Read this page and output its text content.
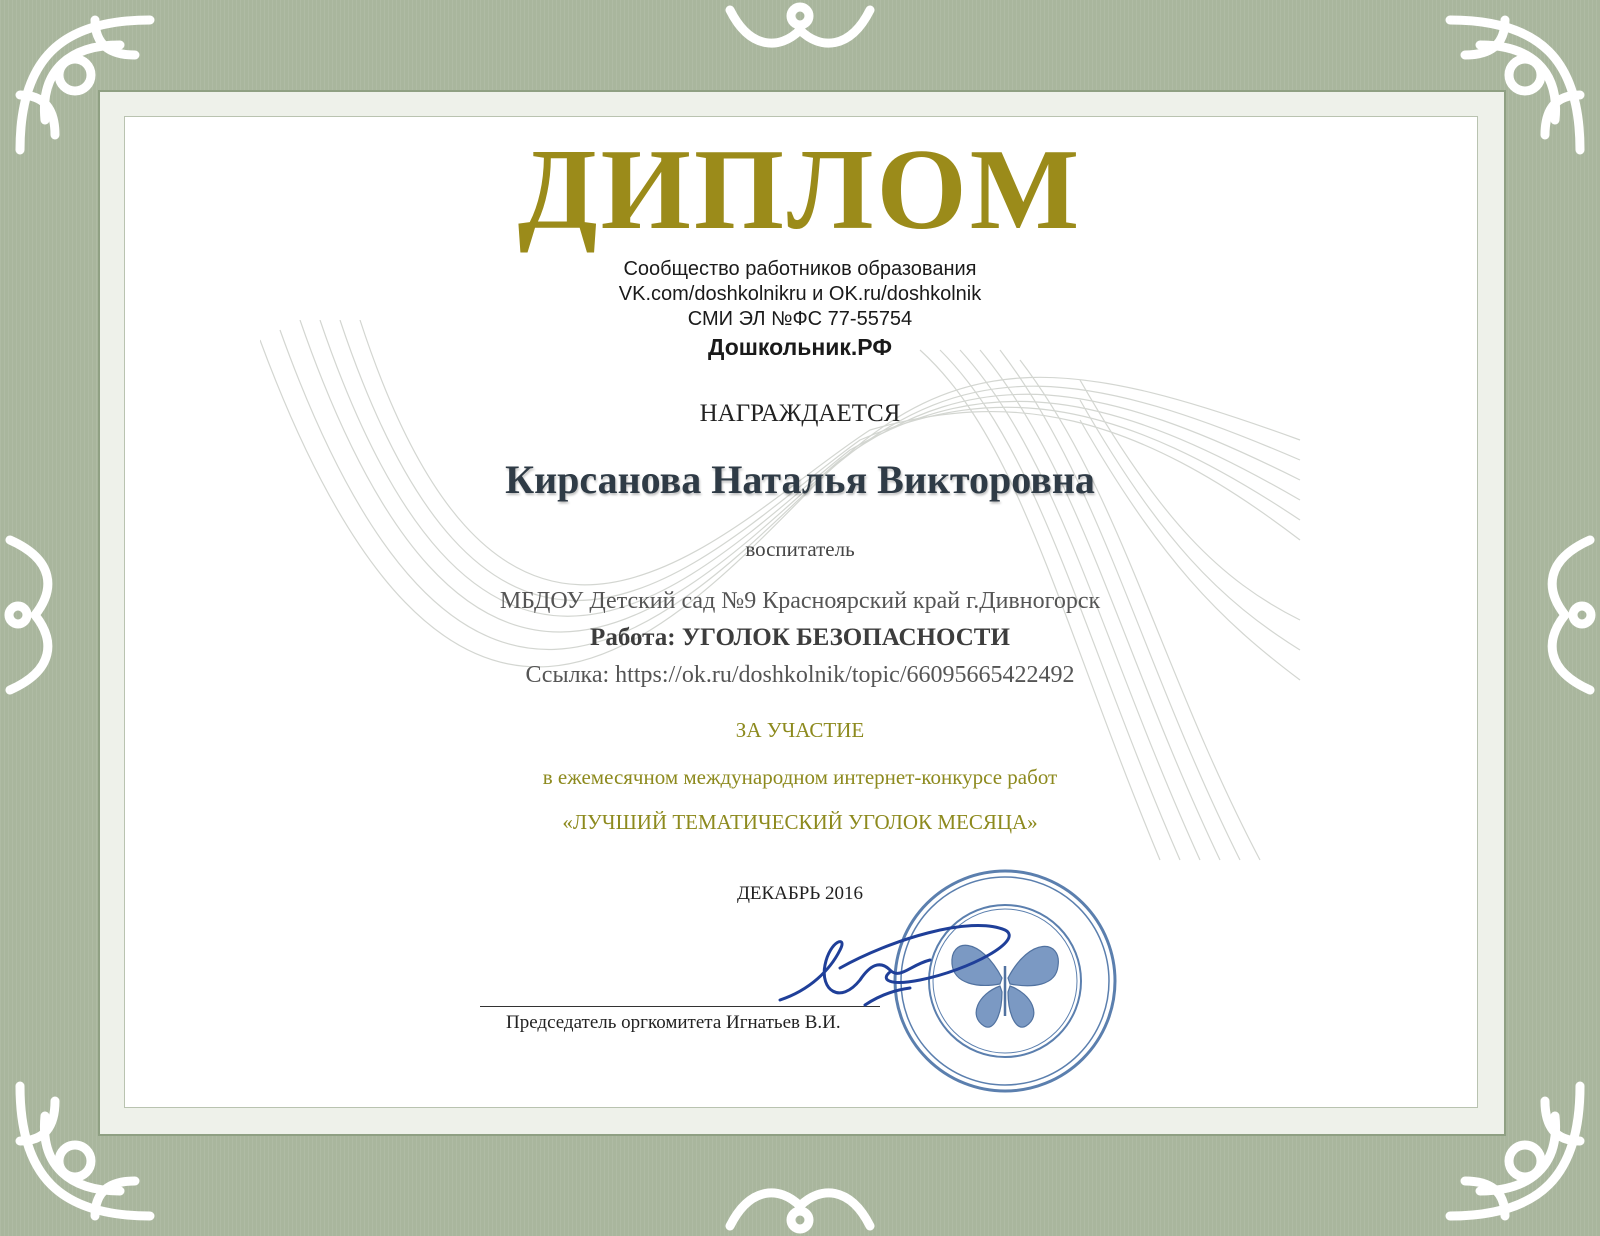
ДИПЛОМ

Сообщество работников образования

VK.com/doshkolnikru и OK.ru/doshkolnik

СМИ ЭЛ №ФС 77-55754

Дошкольник.РФ

НАГРАЖДАЕТСЯ

Кирсанова Наталья Викторовна

воспитатель

МБДОУ Детский сад №9 Красноярский край г.Дивногорск

Работа: УГОЛОК БЕЗОПАСНОСТИ

Ссылка: https://ok.ru/doshkolnik/topic/66095665422492

ЗА УЧАСТИЕ

в ежемесячном международном интернет-конкурсе работ

«ЛУЧШИЙ ТЕМАТИЧЕСКИЙ УГОЛОК МЕСЯЦА»

ДЕКАБРЬ 2016

Председатель оргкомитета Игнатьев В.И.
